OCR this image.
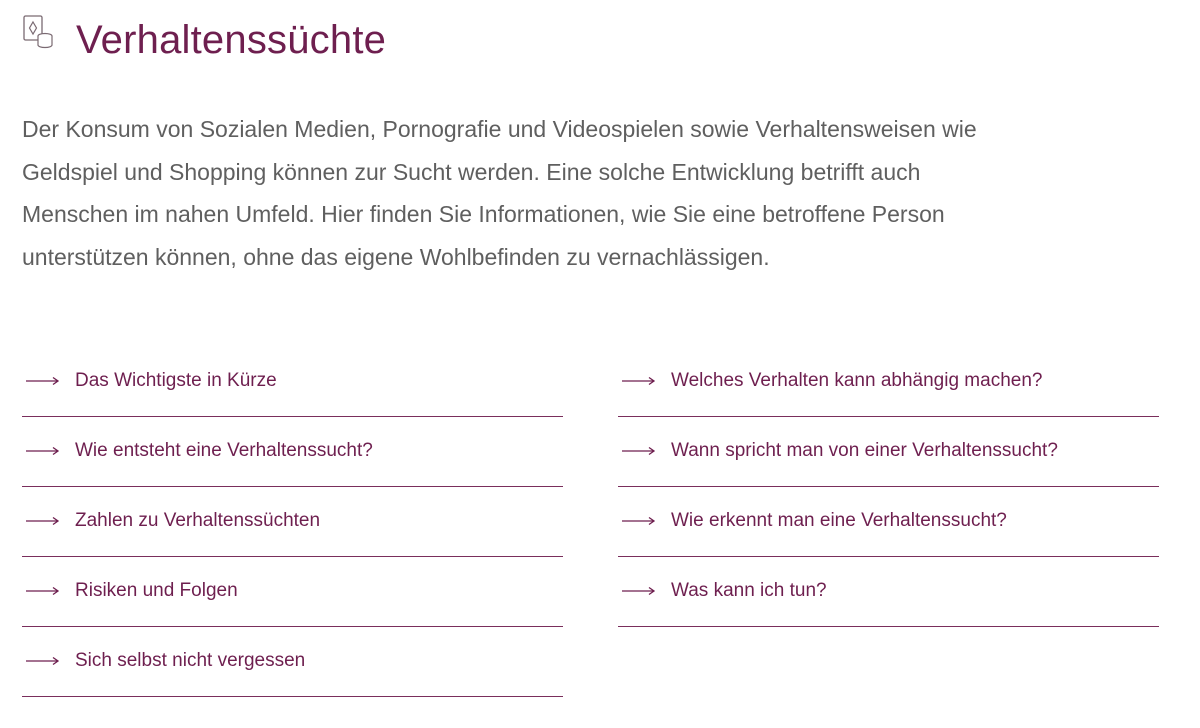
Verhaltenssüchte

Der Konsum von Sozialen Medien, Pornografie und Videospielen sowie Verhaltensweisen wie Geldspiel und Shopping können zur Sucht werden. Eine solche Entwicklung betrifft auch Menschen im nahen Umfeld. Hier finden Sie Informationen, wie Sie eine betroffene Person unterstützen können, ohne das eigene Wohlbefinden zu vernachlässigen.

Das Wichtigste in Kürze
Wie entsteht eine Verhaltenssucht?
Zahlen zu Verhaltenssüchten
Risiken und Folgen
Sich selbst nicht vergessen
Welches Verhalten kann abhängig machen?
Wann spricht man von einer Verhaltenssucht?
Wie erkennt man eine Verhaltenssucht?
Was kann ich tun?
